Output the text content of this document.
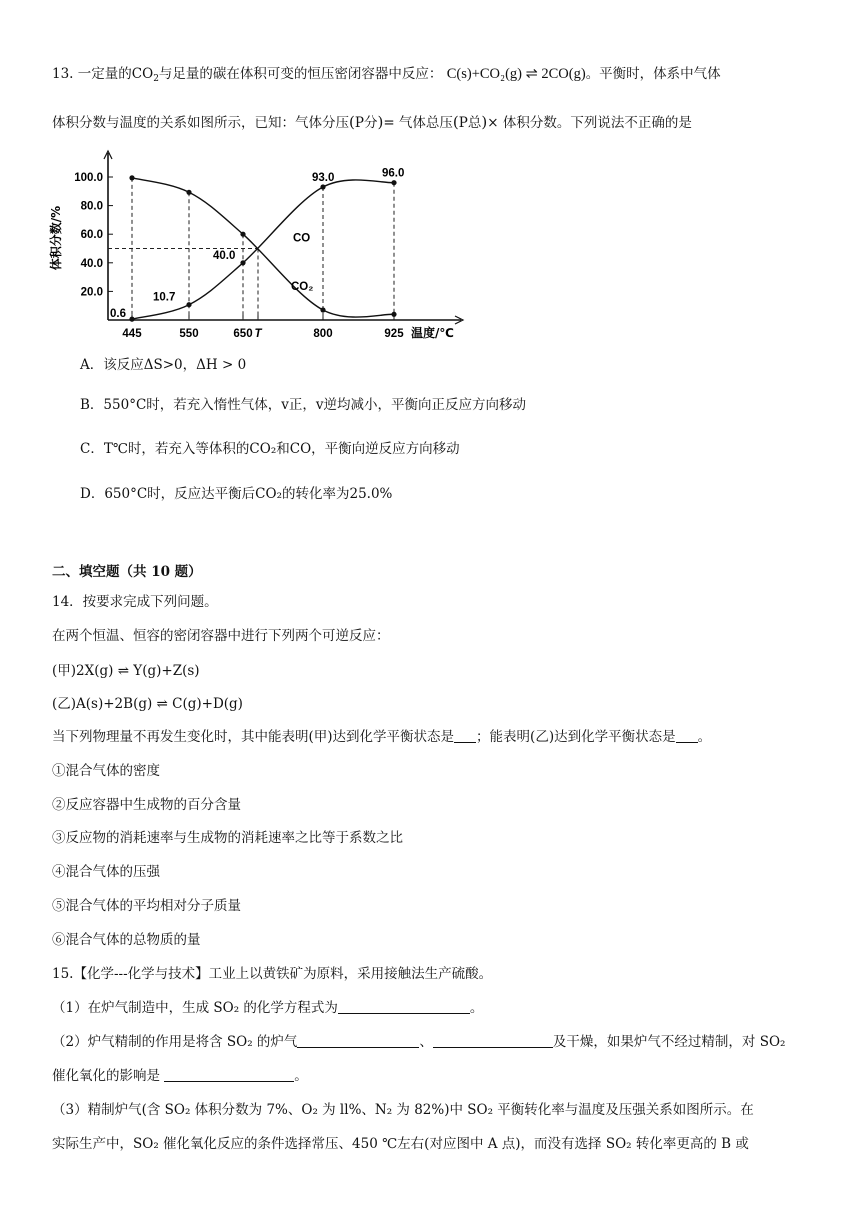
13. 一定量的$CO_2$与足量的碳在体积可变的恒压密闭容器中反应： C(s)+CO₂(g) ⇌ 2CO(g)。平衡时，体系中气体
体积分数与温度的关系如图所示，已知：气体分压(P分)= 气体总压(P总)× 体积分数。下列说法不正确的是
20.0
40.0
60.0
80.0
100.0
445	550	650 T	800	925
体积分数/%
温度/℃
0.6
10.7
40.0
93.0	96.0
CO
CO₂
A．该反应ΔS>0，ΔH > 0
B．550°C时，若充入惰性气体，v正，v逆均减小，平衡向正反应方向移动
C．T℃时，若充入等体积的CO₂和CO，平衡向逆反应方向移动
D．650°C时，反应达平衡后CO₂的转化率为25.0%
二、填空题（共 10 题）
14．按要求完成下列问题。
在两个恒温、恒容的密闭容器中进行下列两个可逆反应：
(甲)2X(g) ⇌ Y(g)+Z(s)
(乙)A(s)+2B(g) ⇌ C(g)+D(g)
当下列物理量不再发生变化时，其中能表明(甲)达到化学平衡状态是 ；能表明(乙)达到化学平衡状态是 。
①混合气体的密度
②反应容器中生成物的百分含量
③反应物的消耗速率与生成物的消耗速率之比等于系数之比
④混合气体的压强
⑤混合气体的平均相对分子质量
⑥混合气体的总物质的量
15.【化学---化学与技术】工业上以黄铁矿为原料，采用接触法生产硫酸。
（1）在炉气制造中，生成 SO₂ 的化学方程式为	。
（2）炉气精制的作用是将含 SO₂ 的炉气	、	及干燥，如果炉气不经过精制，对 SO₂
催化氧化的影响是	。
（3）精制炉气(含 SO₂ 体积分数为 7%、O₂ 为 ll%、N₂ 为 82%)中 SO₂ 平衡转化率与温度及压强关系如图所示。在
实际生产中，SO₂ 催化氧化反应的条件选择常压、450 ℃左右(对应图中 A 点)，而没有选择 SO₂ 转化率更高的 B 或
